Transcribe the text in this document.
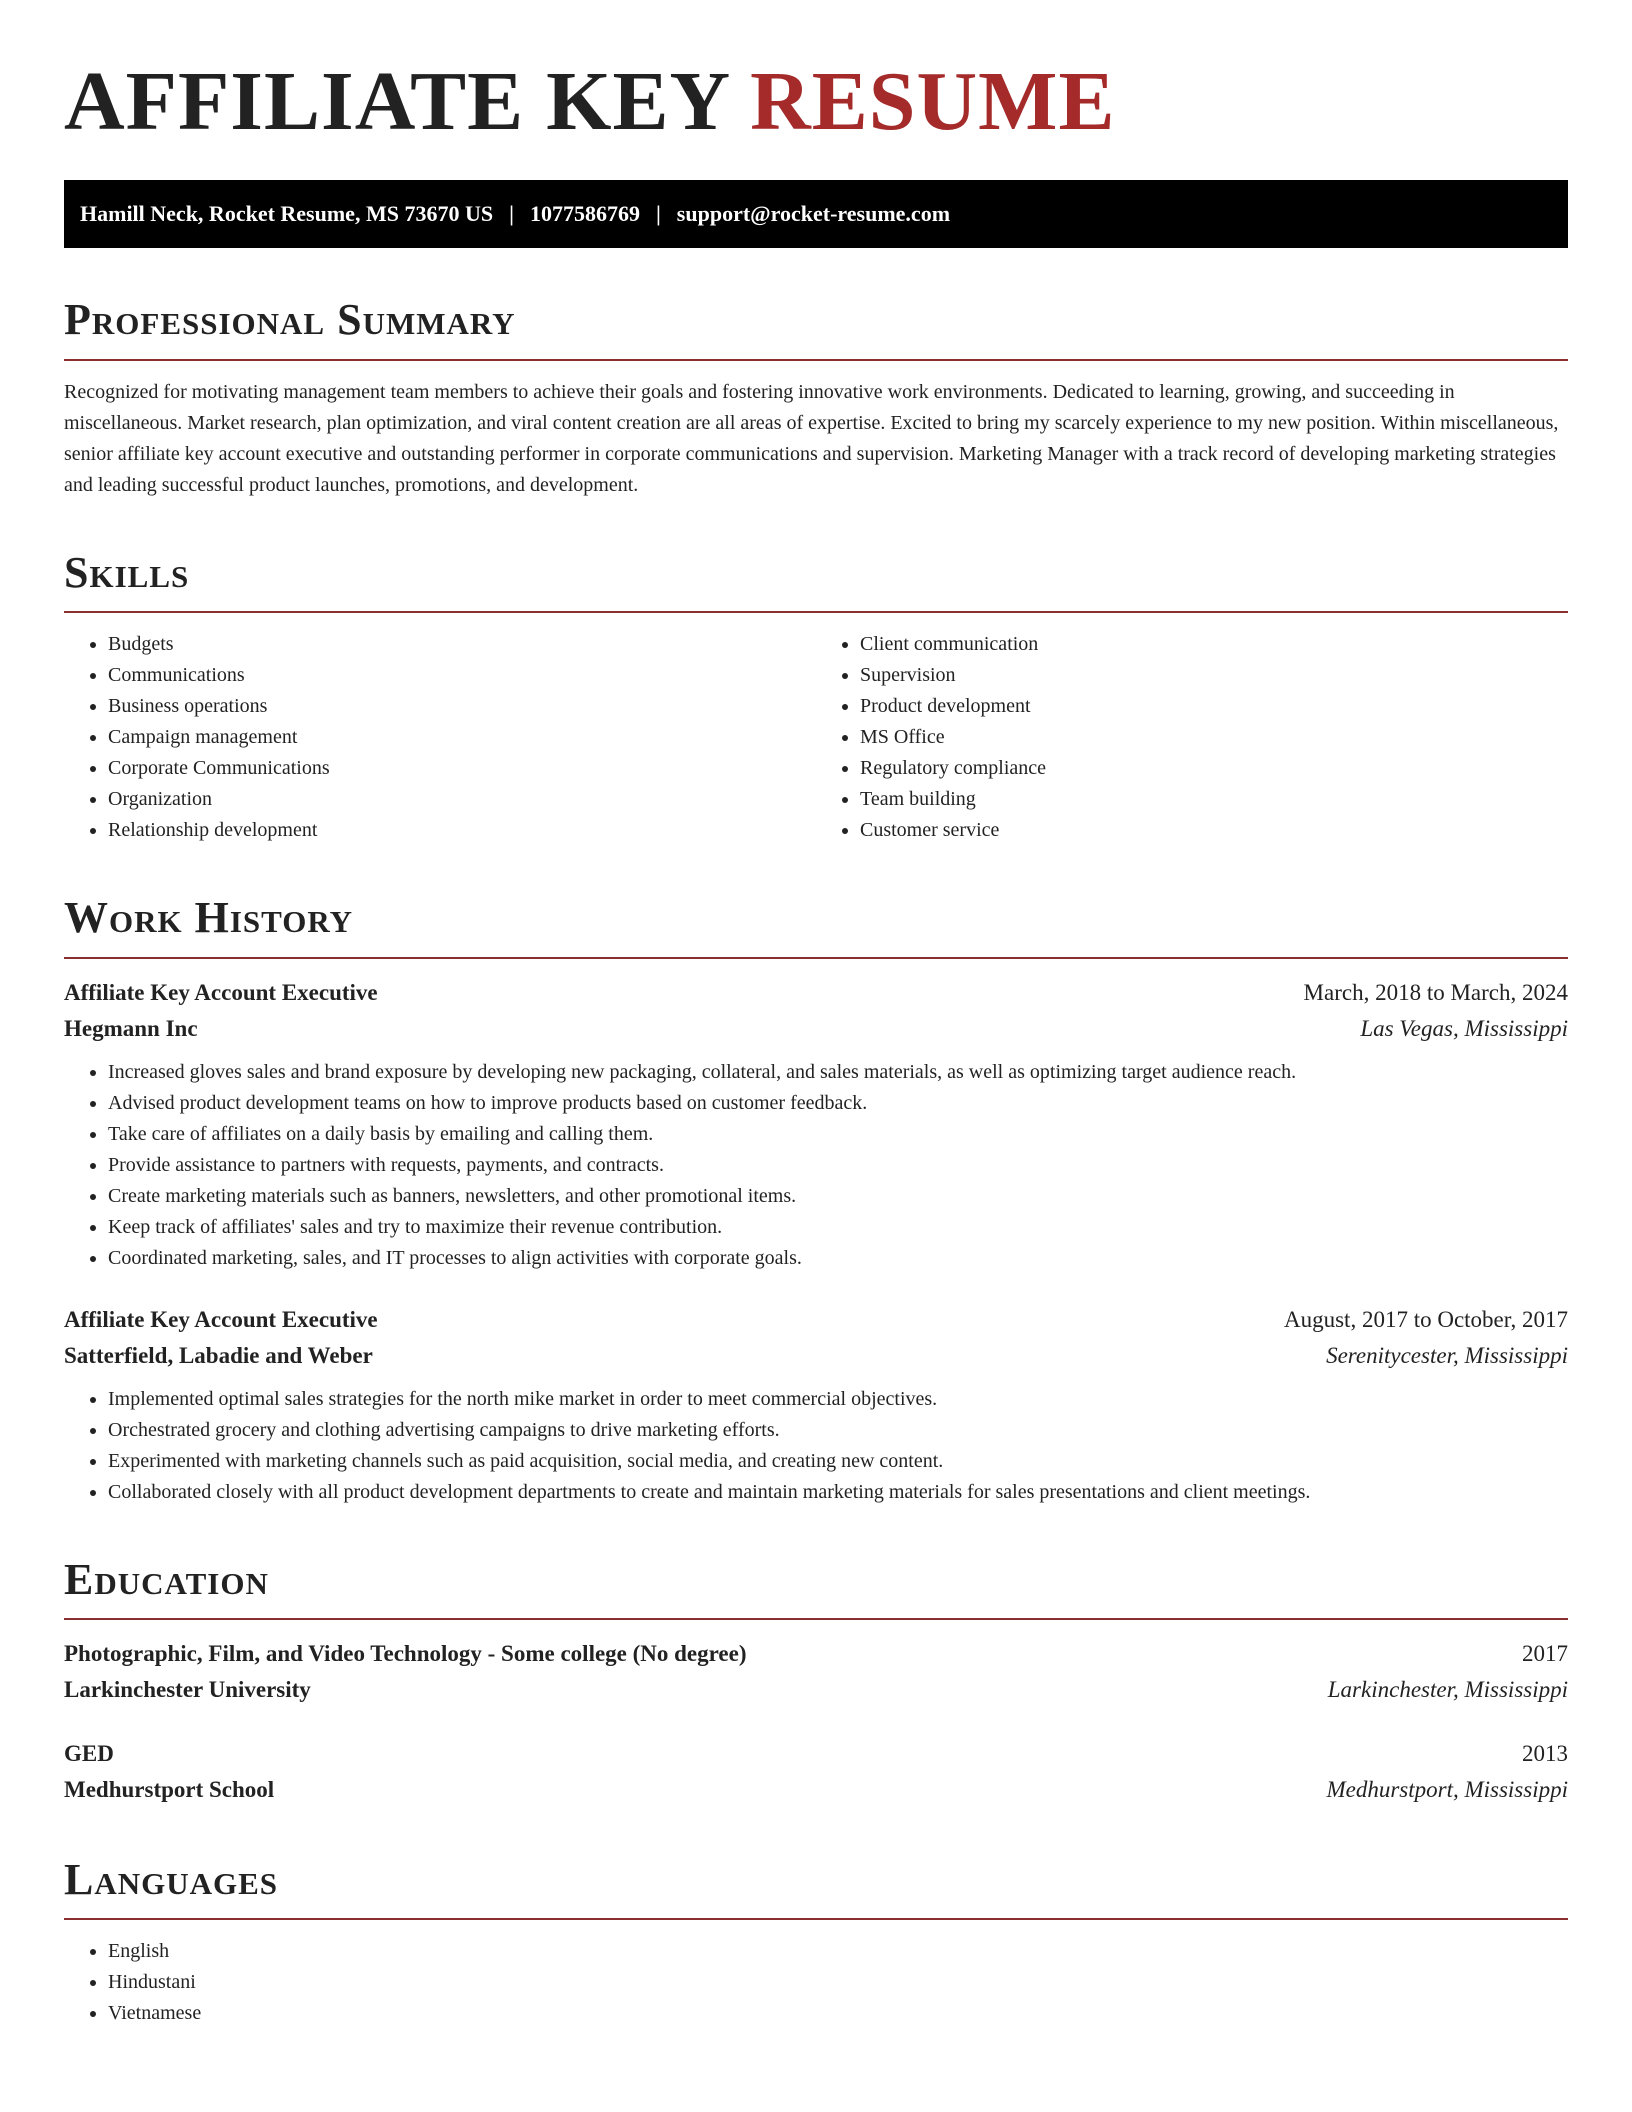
AFFILIATE KEY RESUME
Hamill Neck, Rocket Resume, MS 73670 US | 1077586769 | support@rocket-resume.com
Professional Summary

Recognized for motivating management team members to achieve their goals and fostering innovative work environments. Dedicated to learning, growing, and succeeding in miscellaneous. Market research, plan optimization, and viral content creation are all areas of expertise. Excited to bring my scarcely experience to my new position. Within miscellaneous, senior affiliate key account executive and outstanding performer in corporate communications and supervision. Marketing Manager with a track record of developing marketing strategies and leading successful product launches, promotions, and development.

Skills
• Budgets
• Communications
• Business operations
• Campaign management
• Corporate Communications
• Organization
• Relationship development
• Client communication
• Supervision
• Product development
• MS Office
• Regulatory compliance
• Team building
• Customer service
Work History
Affiliate Key Account Executive	March, 2018 to March, 2024
Hegmann Inc	Las Vegas, Mississippi
• Increased gloves sales and brand exposure by developing new packaging, collateral, and sales materials, as well as optimizing target audience reach.
• Advised product development teams on how to improve products based on customer feedback.
• Take care of affiliates on a daily basis by emailing and calling them.
• Provide assistance to partners with requests, payments, and contracts.
• Create marketing materials such as banners, newsletters, and other promotional items.
• Keep track of affiliates' sales and try to maximize their revenue contribution.
• Coordinated marketing, sales, and IT processes to align activities with corporate goals.
Affiliate Key Account Executive	August, 2017 to October, 2017
Satterfield, Labadie and Weber	Serenitycester, Mississippi
• Implemented optimal sales strategies for the north mike market in order to meet commercial objectives.
• Orchestrated grocery and clothing advertising campaigns to drive marketing efforts.
• Experimented with marketing channels such as paid acquisition, social media, and creating new content.
• Collaborated closely with all product development departments to create and maintain marketing materials for sales presentations and client meetings.
Education
Photographic, Film, and Video Technology - Some college (No degree)	2017
Larkinchester University	Larkinchester, Mississippi
GED	2013
Medhurstport School	Medhurstport, Mississippi
Languages
• English
• Hindustani
• Vietnamese
